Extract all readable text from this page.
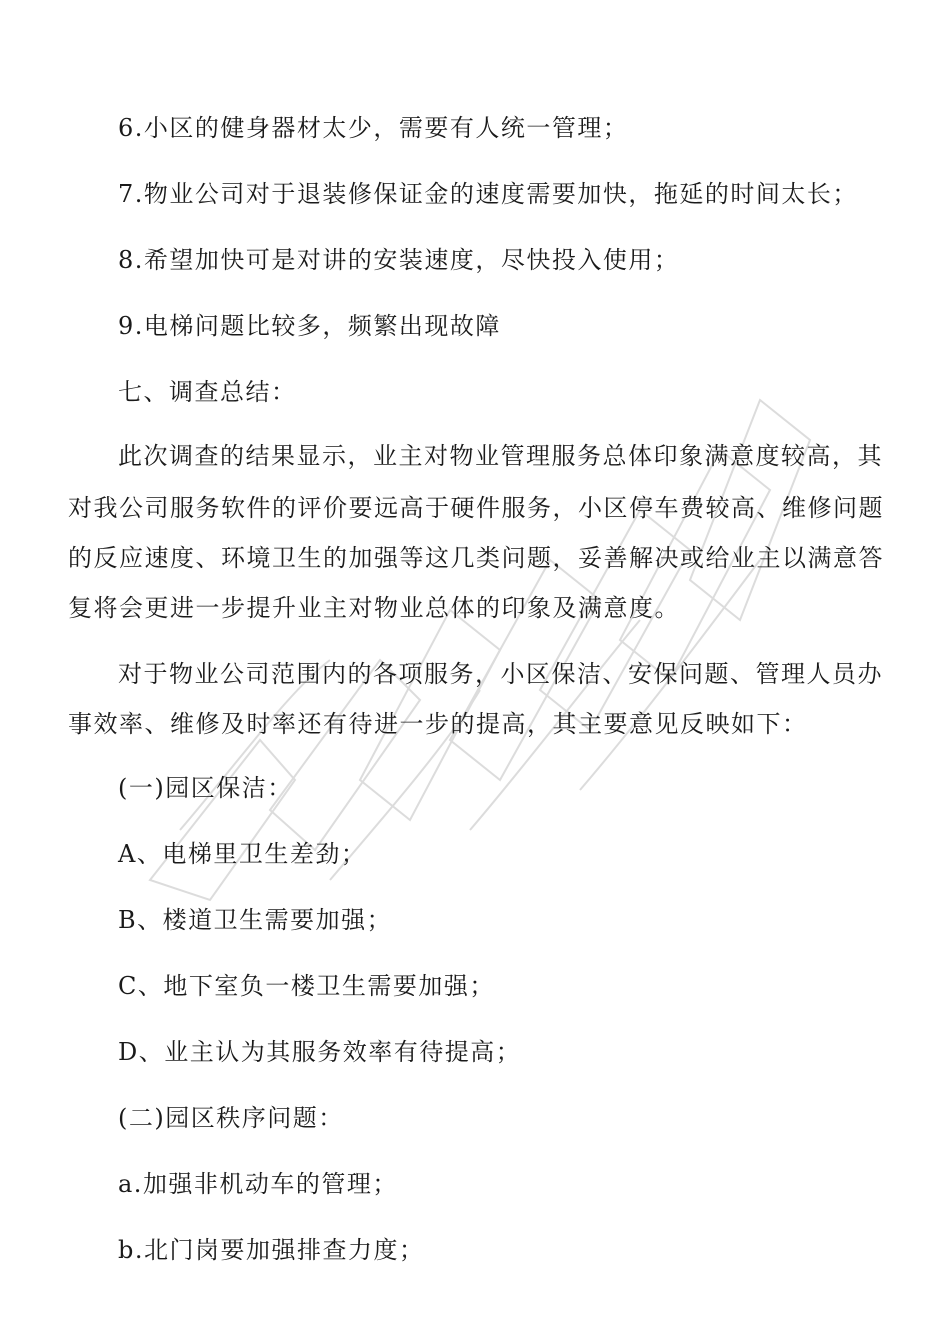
6.小区的健身器材太少，需要有人统一管理；
7.物业公司对于退装修保证金的速度需要加快，拖延的时间太长；
8.希望加快可是对讲的安装速度，尽快投入使用；
9.电梯问题比较多，频繁出现故障
七、调查总结：
此次调查的结果显示，业主对物业管理服务总体印象满意度较高，其
对我公司服务软件的评价要远高于硬件服务，小区停车费较高、维修问题
的反应速度、环境卫生的加强等这几类问题，妥善解决或给业主以满意答
复将会更进一步提升业主对物业总体的印象及满意度。
对于物业公司范围内的各项服务，小区保洁、安保问题、管理人员办
事效率、维修及时率还有待进一步的提高，其主要意见反映如下：
(一)园区保洁：
A、电梯里卫生差劲；
B、楼道卫生需要加强；
C、地下室负一楼卫生需要加强；
D、业主认为其服务效率有待提高；
(二)园区秩序问题：
a.加强非机动车的管理；
b.北门岗要加强排查力度；
